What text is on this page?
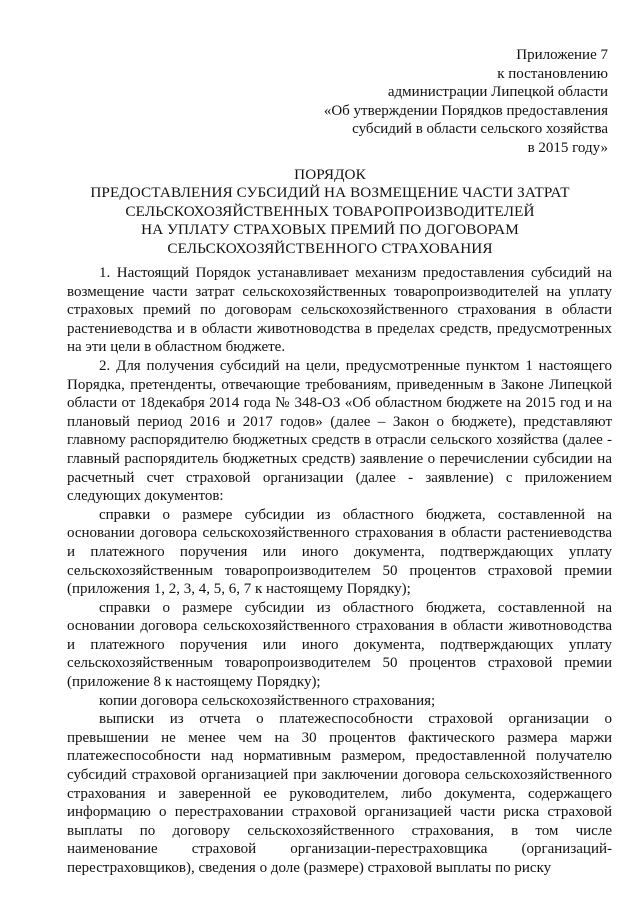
Приложение 7
к постановлению
администрации Липецкой области
«Об утверждении Порядков предоставления
субсидий в области сельского хозяйства
в 2015 году»
ПОРЯДОК
ПРЕДОСТАВЛЕНИЯ СУБСИДИЙ НА ВОЗМЕЩЕНИЕ ЧАСТИ ЗАТРАТ
СЕЛЬСКОХОЗЯЙСТВЕННЫХ ТОВАРОПРОИЗВОДИТЕЛЕЙ
НА УПЛАТУ СТРАХОВЫХ ПРЕМИЙ ПО ДОГОВОРАМ
СЕЛЬСКОХОЗЯЙСТВЕННОГО СТРАХОВАНИЯ

1. Настоящий Порядок устанавливает механизм предоставления субсидий на возмещение части затрат сельскохозяйственных товаропроизводителей на уплату страховых премий по договорам сельскохозяйственного страхования в области растениеводства и в области животноводства в пределах средств, предусмотренных на эти цели в областном бюджете.

2. Для получения субсидий на цели, предусмотренные пунктом 1 настоящего Порядка, претенденты, отвечающие требованиям, приведенным в Законе Липецкой области от 18декабря 2014 года № 348-ОЗ «Об областном бюджете на 2015 год и на плановый период 2016 и 2017 годов» (далее – Закон о бюджете), представляют главному распорядителю бюджетных средств в отрасли сельского хозяйства (далее - главный распорядитель бюджетных средств) заявление о перечислении субсидии на расчетный счет страховой организации (далее - заявление) с приложением следующих документов:

справки о размере субсидии из областного бюджета, составленной на основании договора сельскохозяйственного страхования в области растениеводства и платежного поручения или иного документа, подтверждающих уплату сельскохозяйственным товаропроизводителем 50 процентов страховой премии (приложения 1, 2, 3, 4, 5, 6, 7 к настоящему Порядку);

справки о размере субсидии из областного бюджета, составленной на основании договора сельскохозяйственного страхования в области животноводства и платежного поручения или иного документа, подтверждающих уплату сельскохозяйственным товаропроизводителем 50 процентов страховой премии (приложение 8 к настоящему Порядку);

копии договора сельскохозяйственного страхования;

выписки из отчета о платежеспособности страховой организации о превышении не менее чем на 30 процентов фактического размера маржи платежеспособности над нормативным размером, предоставленной получателю субсидий страховой организацией при заключении договора сельскохозяйственного страхования и заверенной ее руководителем, либо документа, содержащего информацию о перестраховании страховой организацией части риска страховой выплаты по договору сельскохозяйственного страхования, в том числе наименование страховой организации-перестраховщика (организаций-перестраховщиков), сведения о доле (размере) страховой выплаты по риску
